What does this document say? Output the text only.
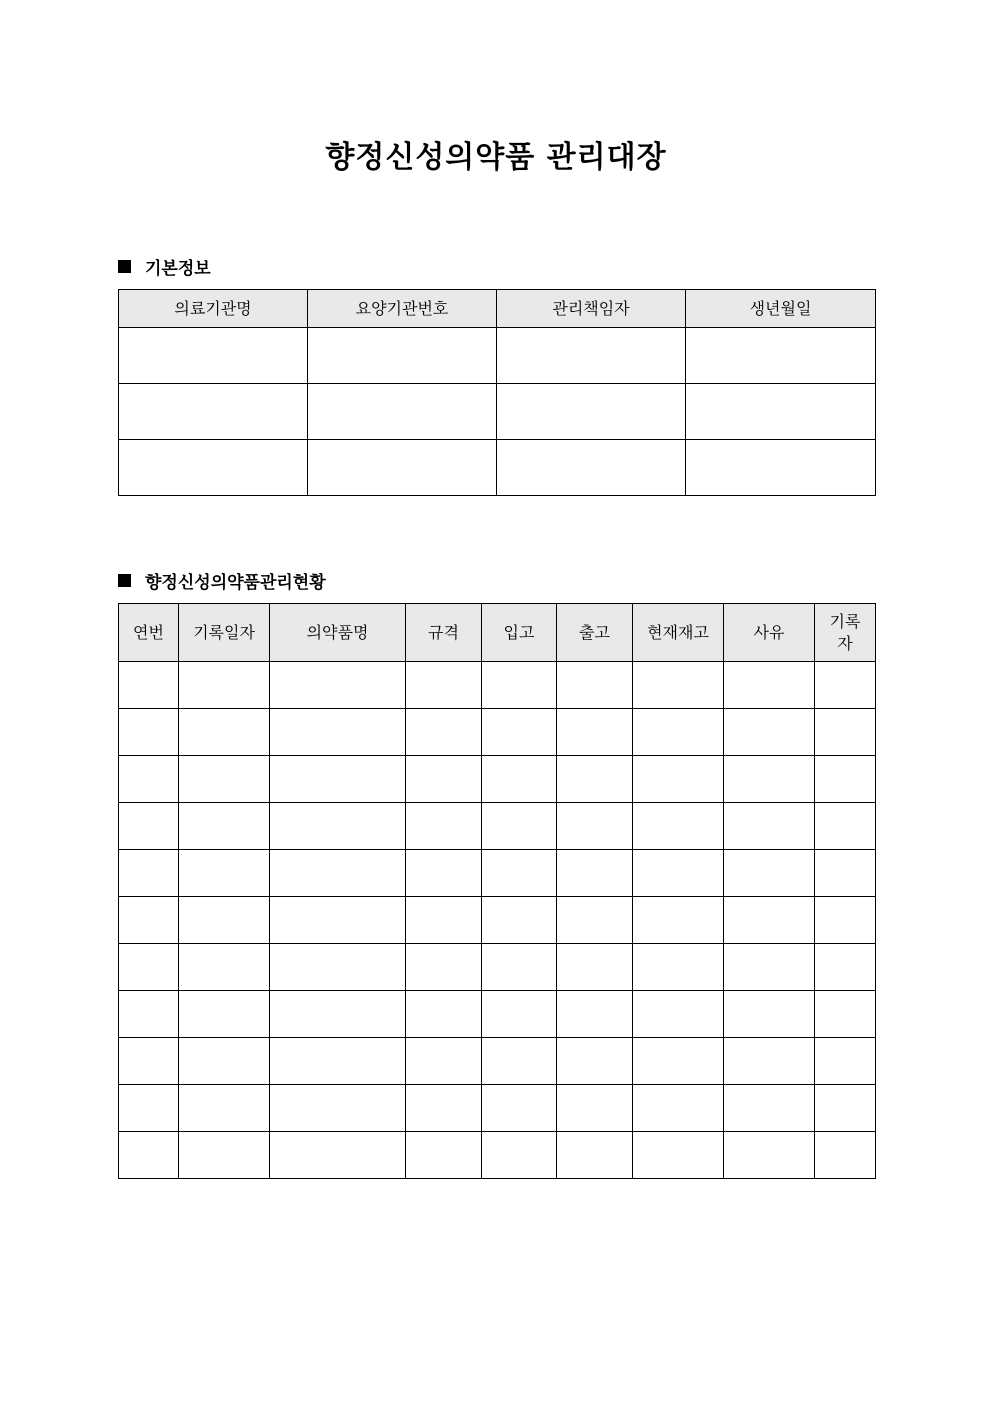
향정신성의약품 관리대장
기본정보
의료기관명	요양기관번호	관리책임자	생년월일

향정신성의약품관리현황
연번	기록일자	의약품명	규격	입고	출고	현재재고	사유	기록자
